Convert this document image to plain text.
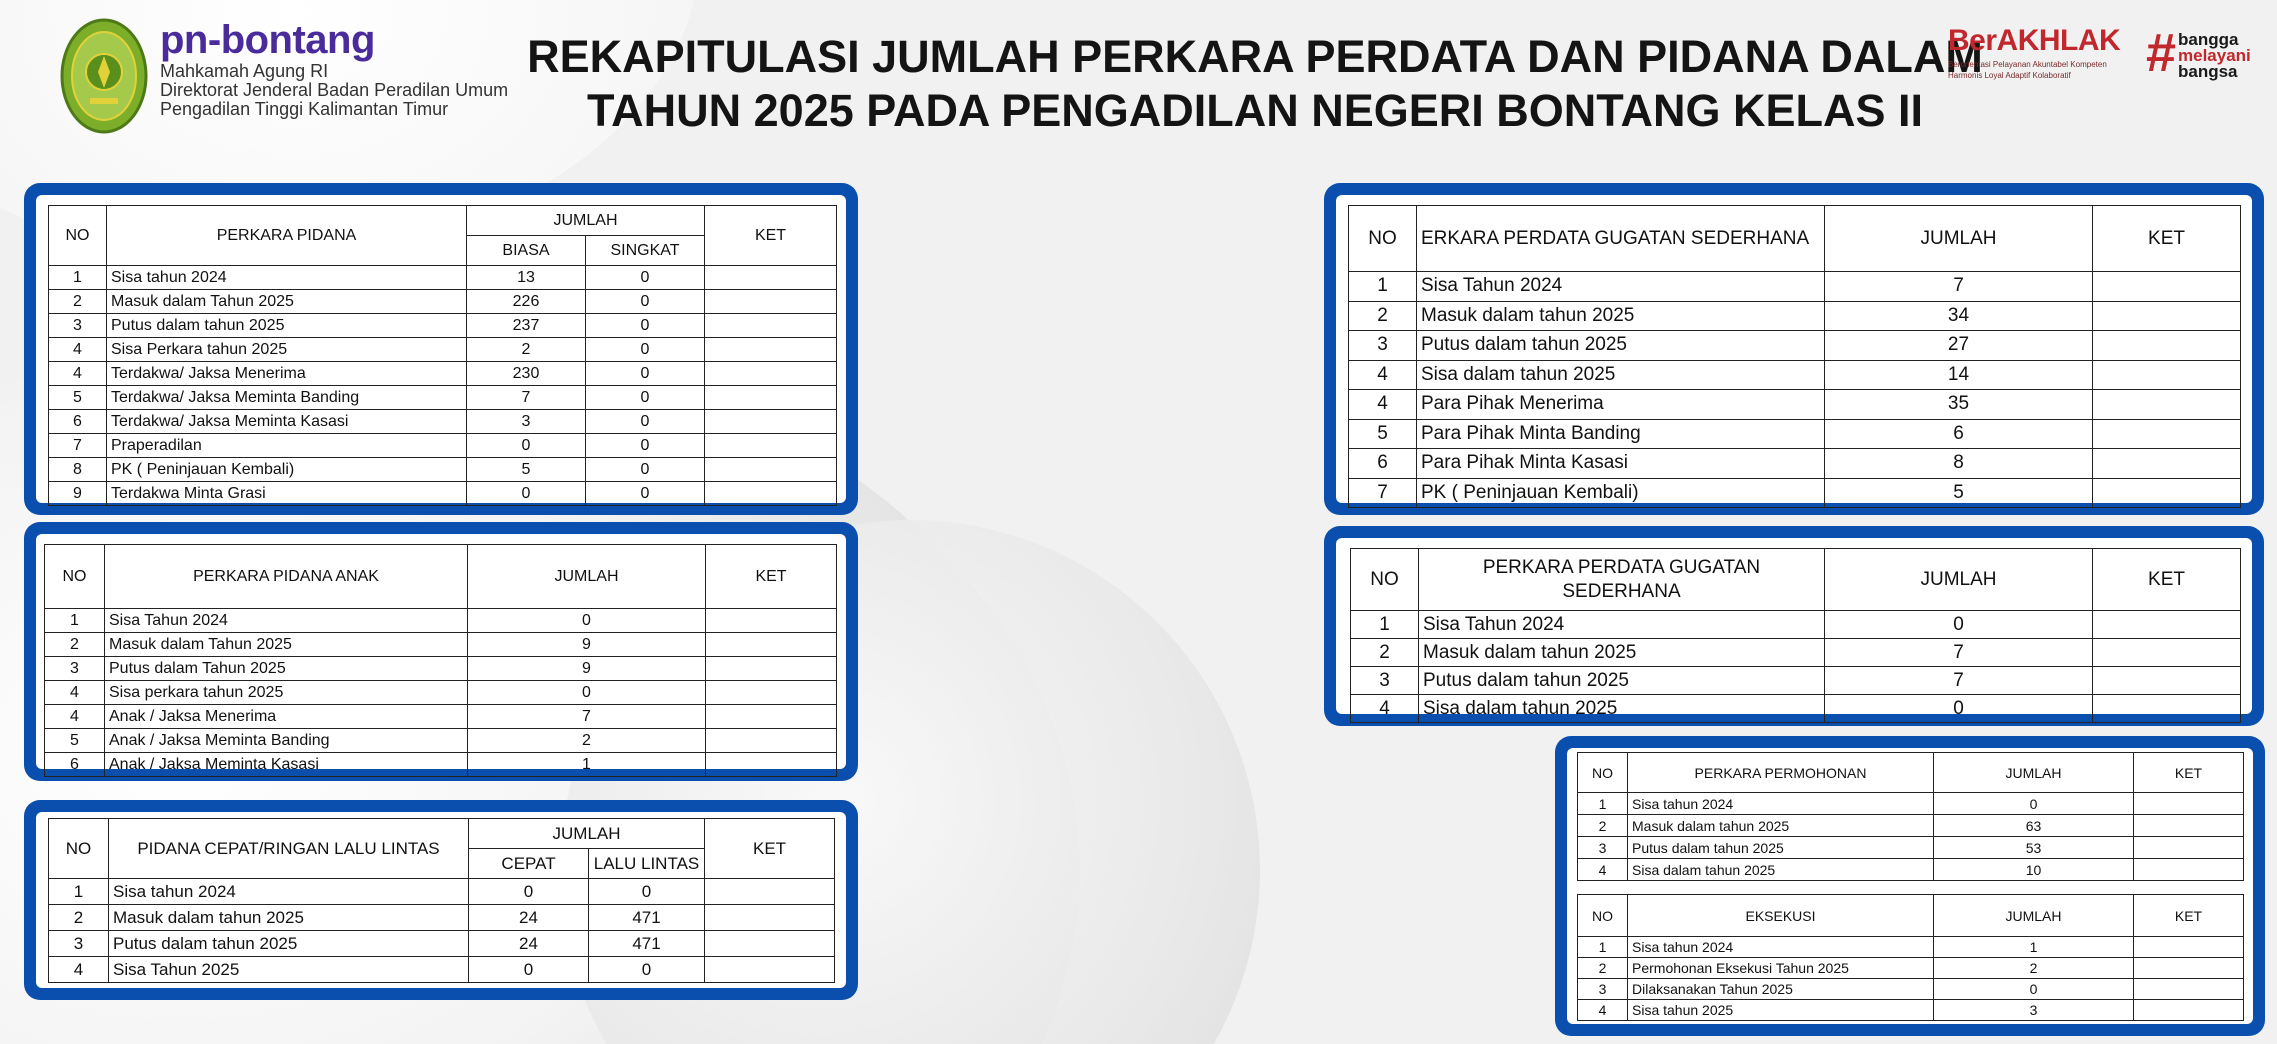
pn-bontang
Mahkamah Agung RI
Direktorat Jenderal Badan Peradilan Umum
Pengadilan Tinggi Kalimantan Timur
REKAPITULASI JUMLAH PERKARA PERDATA DAN PIDANA DALAM
TAHUN 2025 PADA PENGADILAN NEGERI BONTANG KELAS II
BerAKHLAK
Berorientasi Pelayanan Akuntabel Kompeten
Harmonis Loyal Adaptif Kolaboratif	# bangga
melayani
bangsa
NO	PERKARA PIDANA	JUMLAH		KET
		BIASA	SINGKAT	
1	Sisa tahun 2024	13	0	
2	Masuk dalam Tahun 2025	226	0	
3	Putus dalam tahun 2025	237	0	
4	Sisa Perkara tahun 2025	2	0	
4	Terdakwa/ Jaksa Menerima	230	0	
5	Terdakwa/ Jaksa Meminta Banding	7	0	
6	Terdakwa/ Jaksa Meminta Kasasi	3	0	
7	Praperadilan	0	0	
8	PK ( Peninjauan Kembali)	5	0	
9	Terdakwa Minta Grasi	0	0	
NO	PERKARA PIDANA ANAK	JUMLAH	KET
1	Sisa Tahun 2024	0	
2	Masuk dalam Tahun 2025	9	
3	Putus dalam Tahun 2025	9	
4	Sisa perkara tahun 2025	0	
4	Anak / Jaksa Menerima	7	
5	Anak / Jaksa Meminta Banding	2	
6	Anak / Jaksa Meminta Kasasi	1	
NO	PIDANA CEPAT/RINGAN LALU LINTAS	JUMLAH		KET
		CEPAT	LALU LINTAS	
1	Sisa tahun 2024	0	0	
2	Masuk dalam tahun 2025	24	471	
3	Putus dalam tahun 2025	24	471	
4	Sisa Tahun 2025	0	0	
NO	ERKARA PERDATA GUGATAN SEDERHANA	JUMLAH	KET
1	Sisa Tahun 2024	7	
2	Masuk dalam tahun 2025	34	
3	Putus dalam tahun 2025	27	
4	Sisa dalam tahun 2025	14	
4	Para Pihak Menerima	35	
5	Para Pihak Minta Banding	6	
6	Para Pihak Minta Kasasi	8	
7	PK ( Peninjauan Kembali)	5	
NO	PERKARA PERDATA GUGATAN SEDERHANA	JUMLAH	KET
1	Sisa Tahun 2024	0	
2	Masuk dalam tahun 2025	7	
3	Putus dalam tahun 2025	7	
4	Sisa dalam tahun 2025	0	
NO	PERKARA PERMOHONAN	JUMLAH	KET
1	Sisa tahun 2024	0	
2	Masuk dalam tahun 2025	63	
3	Putus dalam tahun 2025	53	
4	Sisa dalam tahun 2025	10	
NO	EKSEKUSI	JUMLAH	KET
1	Sisa tahun 2024	1	
2	Permohonan Eksekusi Tahun 2025	2	
3	Dilaksanakan Tahun 2025	0	
4	Sisa tahun 2025	3	
